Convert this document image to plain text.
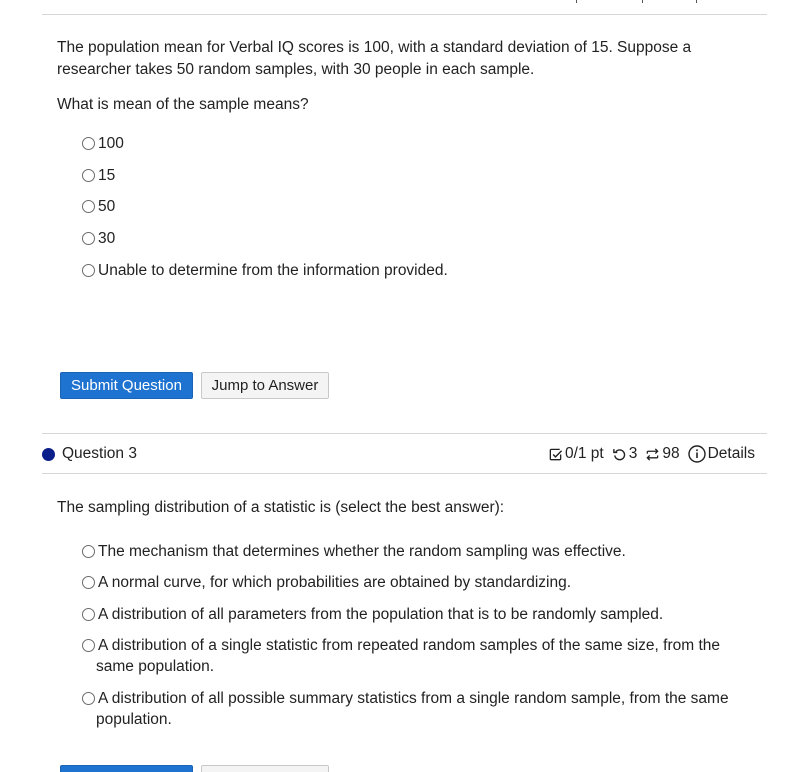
The population mean for Verbal IQ scores is 100, with a standard deviation of 15. Suppose a
researcher takes 50 random samples, with 30 people in each sample.
What is mean of the sample means?
100
15
50
30
Unable to determine from the information provided.
Submit Question	Jump to Answer
Question 3	0/1 pt 3 98 Details
The sampling distribution of a statistic is (select the best answer):
The mechanism that determines whether the random sampling was effective.
A normal curve, for which probabilities are obtained by standardizing.
A distribution of all parameters from the population that is to be randomly sampled.
A distribution of a single statistic from repeated random samples of the same size, from the
same population.
A distribution of all possible summary statistics from a single random sample, from the same
population.
